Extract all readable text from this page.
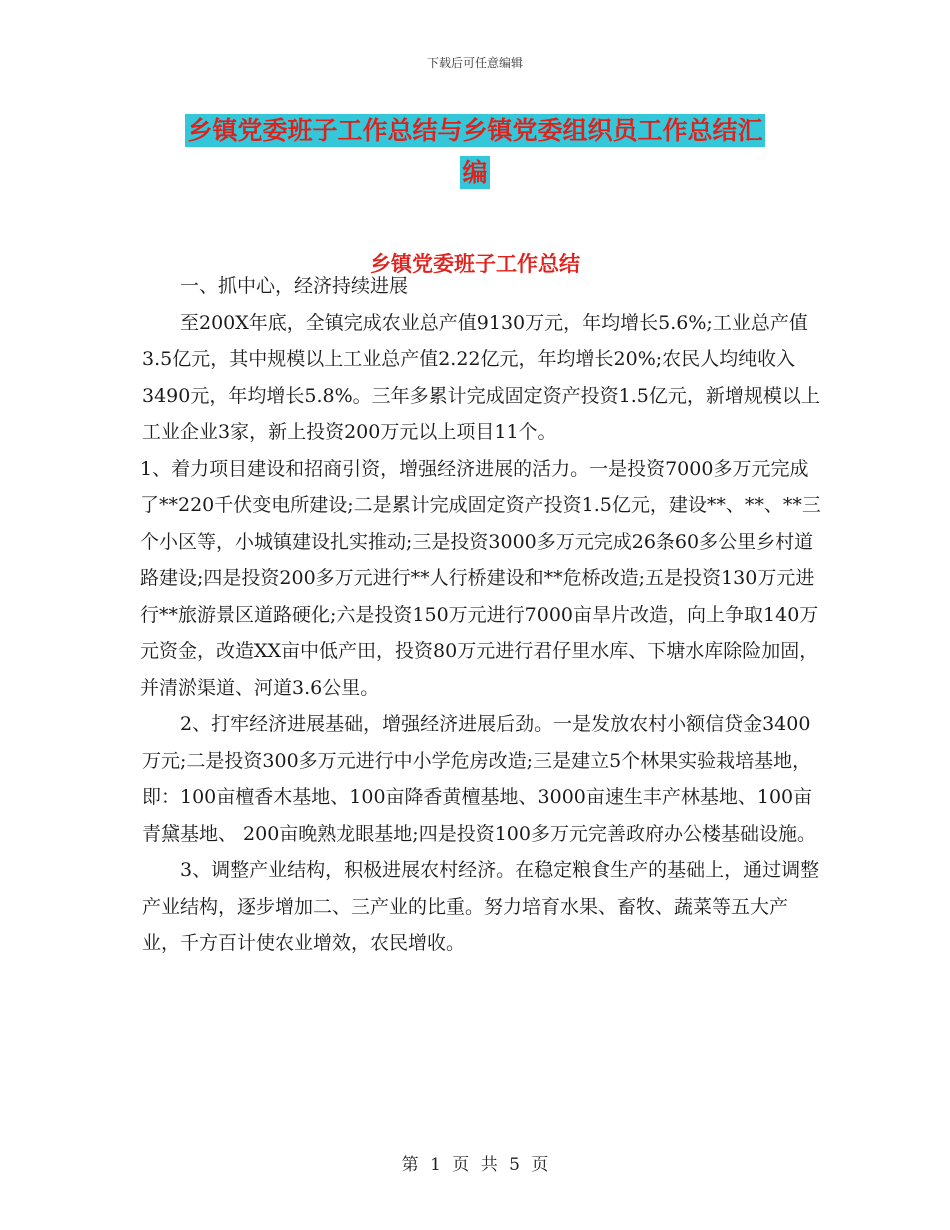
下载后可任意编辑
乡镇党委班子工作总结与乡镇党委组织员工作总结汇
编
乡镇党委班子工作总结

一、抓中心，经济持续进展

至200X年底，全镇完成农业总产值9130万元，年均增长5.6%;工业总产值3.5亿元，其中规模以上工业总产值2.22亿元，年均增长20%;农民人均纯收入3490元，年均增长5.8%。三年多累计完成固定资产投资1.5亿元，新增规模以上工业企业3家，新上投资200万元以上项目11个。

1、着力项目建设和招商引资，增强经济进展的活力。一是投资7000多万元完成了**220千伏变电所建设;二是累计完成固定资产投资1.5亿元，建设**、**、**三个小区等，小城镇建设扎实推动;三是投资3000多万元完成26条60多公里乡村道路建设;四是投资200多万元进行**人行桥建设和**危桥改造;五是投资130万元进行**旅游景区道路硬化;六是投资150万元进行7000亩旱片改造，向上争取140万元资金，改造XX亩中低产田，投资80万元进行君仔里水库、下塘水库除险加固，并清淤渠道、河道3.6公里。

2、打牢经济进展基础，增强经济进展后劲。一是发放农村小额信贷金3400万元;二是投资300多万元进行中小学危房改造;三是建立5个林果实验栽培基地，即：100亩檀香木基地、100亩降香黄檀基地、3000亩速生丰产林基地、100亩青黛基地、 200亩晚熟龙眼基地;四是投资100多万元完善政府办公楼基础设施。

3、调整产业结构，积极进展农村经济。在稳定粮食生产的基础上，通过调整产业结构，逐步增加二、三产业的比重。努力培育水果、畜牧、蔬菜等五大产业，千方百计使农业增效，农民增收。

第 1 页 共 5 页
